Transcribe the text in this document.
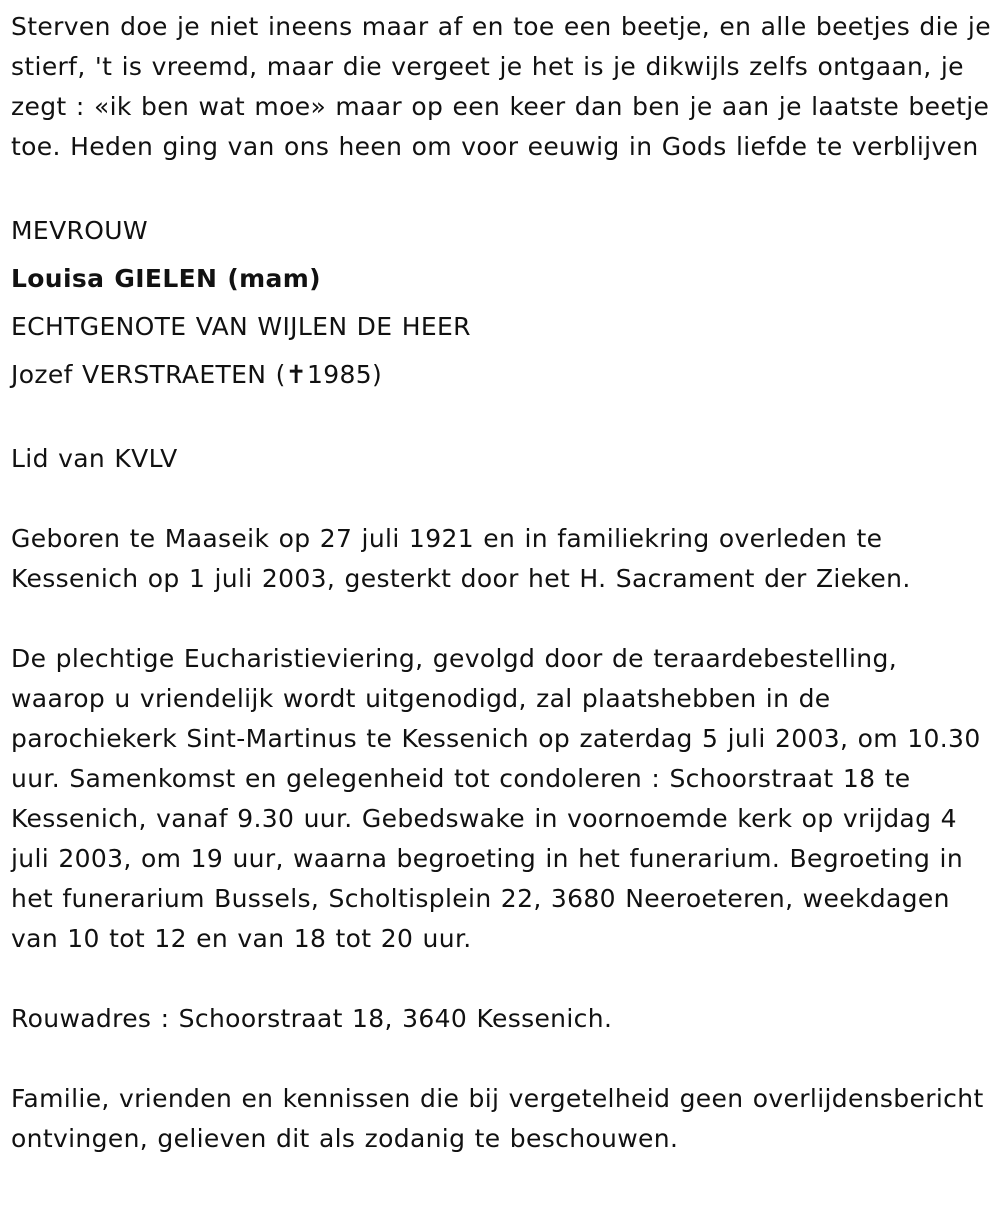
Sterven doe je niet ineens maar af en toe een beetje, en alle beetjes die je stierf, 't is vreemd, maar die vergeet je het is je dikwijls zelfs ontgaan, je zegt : «ik ben wat moe» maar op een keer dan ben je aan je laatste beetje toe. Heden ging van ons heen om voor eeuwig in Gods liefde te verblijven

MEVROUW
Louisa GIELEN (mam)
ECHTGENOTE VAN WIJLEN DE HEER
Jozef VERSTRAETEN (✝1985)

Lid van KVLV

Geboren te Maaseik op 27 juli 1921 en in familiekring overleden te Kessenich op 1 juli 2003, gesterkt door het H. Sacrament der Zieken.

De plechtige Eucharistieviering, gevolgd door de teraardebestelling, waarop u vriendelijk wordt uitgenodigd, zal plaatshebben in de parochiekerk Sint-Martinus te Kessenich op zaterdag 5 juli 2003, om 10.30 uur. Samenkomst en gelegenheid tot condoleren : Schoorstraat 18 te Kessenich, vanaf 9.30 uur. Gebedswake in voornoemde kerk op vrijdag 4 juli 2003, om 19 uur, waarna begroeting in het funerarium. Begroeting in het funerarium Bussels, Scholtisplein 22, 3680 Neeroeteren, weekdagen van 10 tot 12 en van 18 tot 20 uur.

Rouwadres : Schoorstraat 18, 3640 Kessenich.

Familie, vrienden en kennissen die bij vergetelheid geen overlijdensbericht ontvingen, gelieven dit als zodanig te beschouwen.
